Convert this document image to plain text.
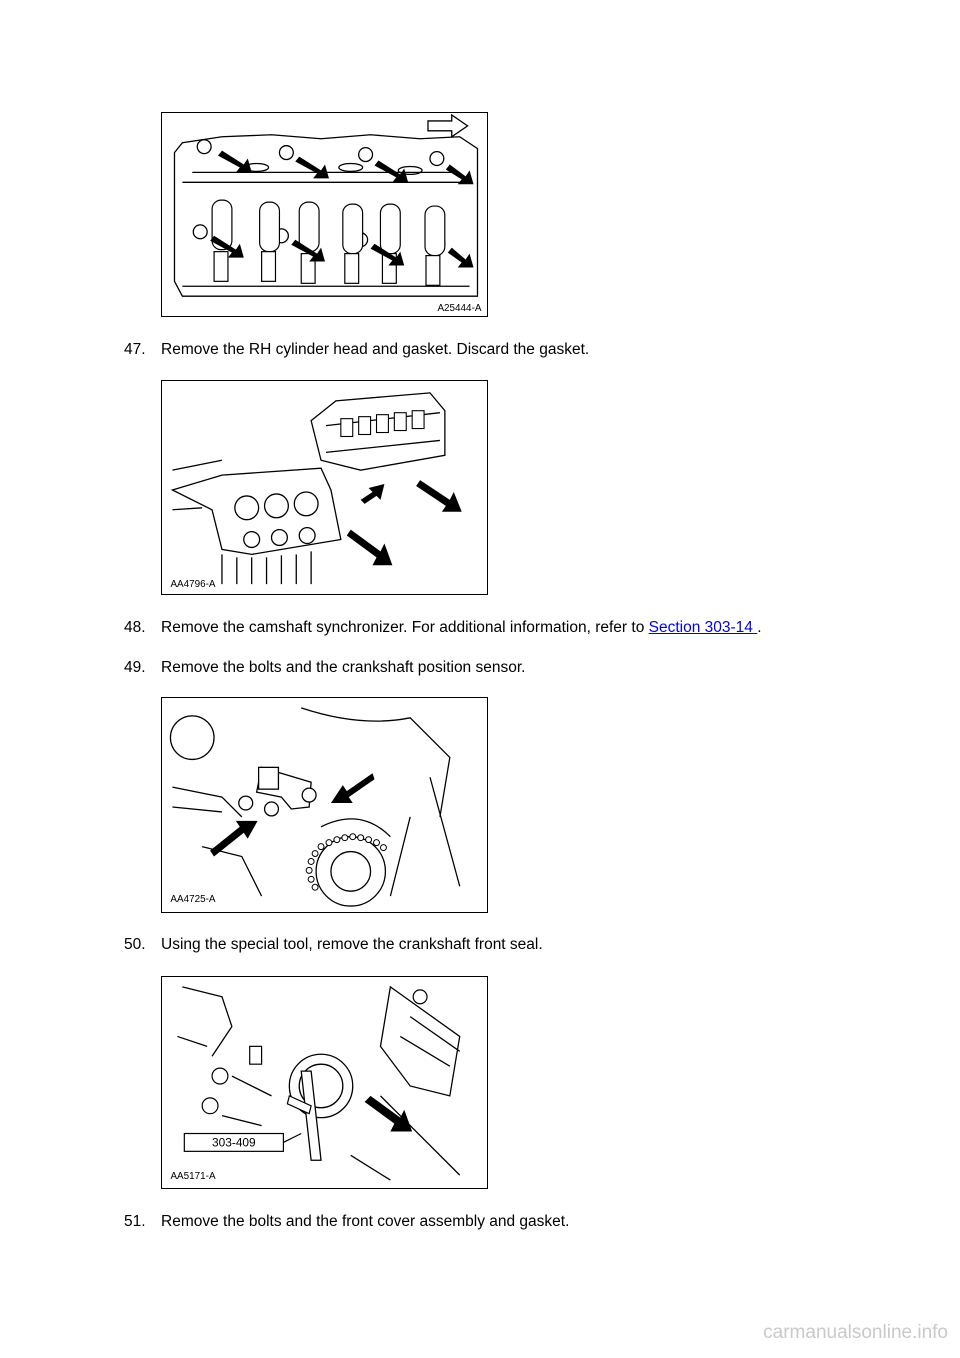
A25444-A
47. Remove the RH cylinder head and gasket. Discard the gasket.
AA4796-A
48. Remove the camshaft synchronizer. For additional information, refer to Section 303-14 .
49. Remove the bolts and the crankshaft position sensor.
AA4725-A
50. Using the special tool, remove the crankshaft front seal.
303-409
AA5171-A
51. Remove the bolts and the front cover assembly and gasket.
carmanualsonline.info
